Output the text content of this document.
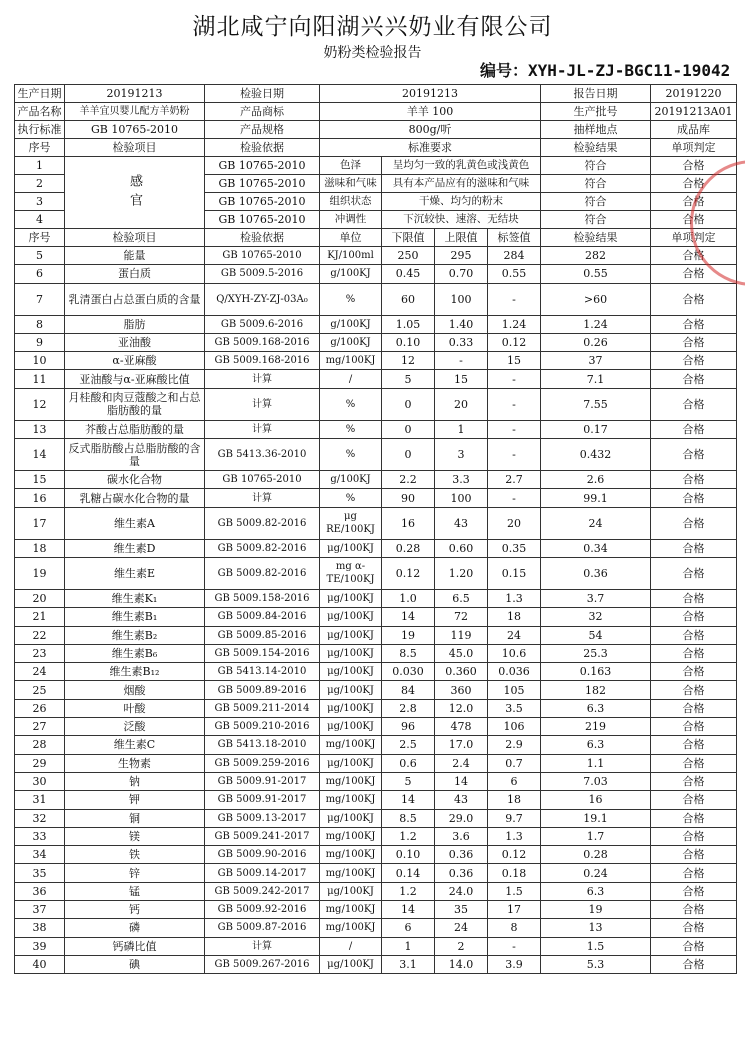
湖北咸宁向阳湖兴兴奶业有限公司
奶粉类检验报告
编号：XYH-JL-ZJ-BGC11-19042
生产日期	20191213	检验日期	20191213				报告日期	20191220
产品名称	羊羊宜贝婴儿配方羊奶粉	产品商标	羊羊 100				生产批号	20191213A01
执行标准	GB 10765-2010	产品规格	800g/听				抽样地点	成品库
序号	检验项目	检验依据	标准要求				检验结果	单项判定
1	感官	GB 10765-2010	色泽	呈均匀一致的乳黄色或浅黄色			符合	合格
2		GB 10765-2010	滋味和气味	具有本产品应有的滋味和气味			符合	合格
3		GB 10765-2010	组织状态	干燥、均匀的粉末			符合	合格
4		GB 10765-2010	冲调性	下沉较快、速溶、无结块			符合	合格
序号	检验项目	检验依据	单位	下限值	上限值	标签值	检验结果	单项判定
5	能量	GB 10765-2010	KJ/100ml	250	295	284	282	合格
6	蛋白质	GB 5009.5-2016	g/100KJ	0.45	0.70	0.55	0.55	合格
7	乳清蛋白占总蛋白质的含量	Q/XYH-ZY-ZJ-03A₀	%	60	100	-	>60	合格
8	脂肪	GB 5009.6-2016	g/100KJ	1.05	1.40	1.24	1.24	合格
9	亚油酸	GB 5009.168-2016	g/100KJ	0.10	0.33	0.12	0.26	合格
10	α-亚麻酸	GB 5009.168-2016	mg/100KJ	12	-	15	37	合格
11	亚油酸与α-亚麻酸比值	计算	/	5	15	-	7.1	合格
12	月桂酸和肉豆蔻酸之和占总脂肪酸的量	计算	%	0	20	-	7.55	合格
13	芥酸占总脂肪酸的量	计算	%	0	1	-	0.17	合格
14	反式脂肪酸占总脂肪酸的含量	GB 5413.36-2010	%	0	3	-	0.432	合格
15	碳水化合物	GB 10765-2010	g/100KJ	2.2	3.3	2.7	2.6	合格
16	乳糖占碳水化合物的量	计算	%	90	100	-	99.1	合格
17	维生素A	GB 5009.82-2016	μg RE/100KJ	16	43	20	24	合格
18	维生素D	GB 5009.82-2016	μg/100KJ	0.28	0.60	0.35	0.34	合格
19	维生素E	GB 5009.82-2016	mg α-TE/100KJ	0.12	1.20	0.15	0.36	合格
20	维生素K₁	GB 5009.158-2016	μg/100KJ	1.0	6.5	1.3	3.7	合格
21	维生素B₁	GB 5009.84-2016	μg/100KJ	14	72	18	32	合格
22	维生素B₂	GB 5009.85-2016	μg/100KJ	19	119	24	54	合格
23	维生素B₆	GB 5009.154-2016	μg/100KJ	8.5	45.0	10.6	25.3	合格
24	维生素B₁₂	GB 5413.14-2010	μg/100KJ	0.030	0.360	0.036	0.163	合格
25	烟酸	GB 5009.89-2016	μg/100KJ	84	360	105	182	合格
26	叶酸	GB 5009.211-2014	μg/100KJ	2.8	12.0	3.5	6.3	合格
27	泛酸	GB 5009.210-2016	μg/100KJ	96	478	106	219	合格
28	维生素C	GB 5413.18-2010	mg/100KJ	2.5	17.0	2.9	6.3	合格
29	生物素	GB 5009.259-2016	μg/100KJ	0.6	2.4	0.7	1.1	合格
30	钠	GB 5009.91-2017	mg/100KJ	5	14	6	7.03	合格
31	钾	GB 5009.91-2017	mg/100KJ	14	43	18	16	合格
32	铜	GB 5009.13-2017	μg/100KJ	8.5	29.0	9.7	19.1	合格
33	镁	GB 5009.241-2017	mg/100KJ	1.2	3.6	1.3	1.7	合格
34	铁	GB 5009.90-2016	mg/100KJ	0.10	0.36	0.12	0.28	合格
35	锌	GB 5009.14-2017	mg/100KJ	0.14	0.36	0.18	0.24	合格
36	锰	GB 5009.242-2017	μg/100KJ	1.2	24.0	1.5	6.3	合格
37	钙	GB 5009.92-2016	mg/100KJ	14	35	17	19	合格
38	磷	GB 5009.87-2016	mg/100KJ	6	24	8	13	合格
39	钙磷比值	计算	/	1	2	-	1.5	合格
40	碘	GB 5009.267-2016	μg/100KJ	3.1	14.0	3.9	5.3	合格
